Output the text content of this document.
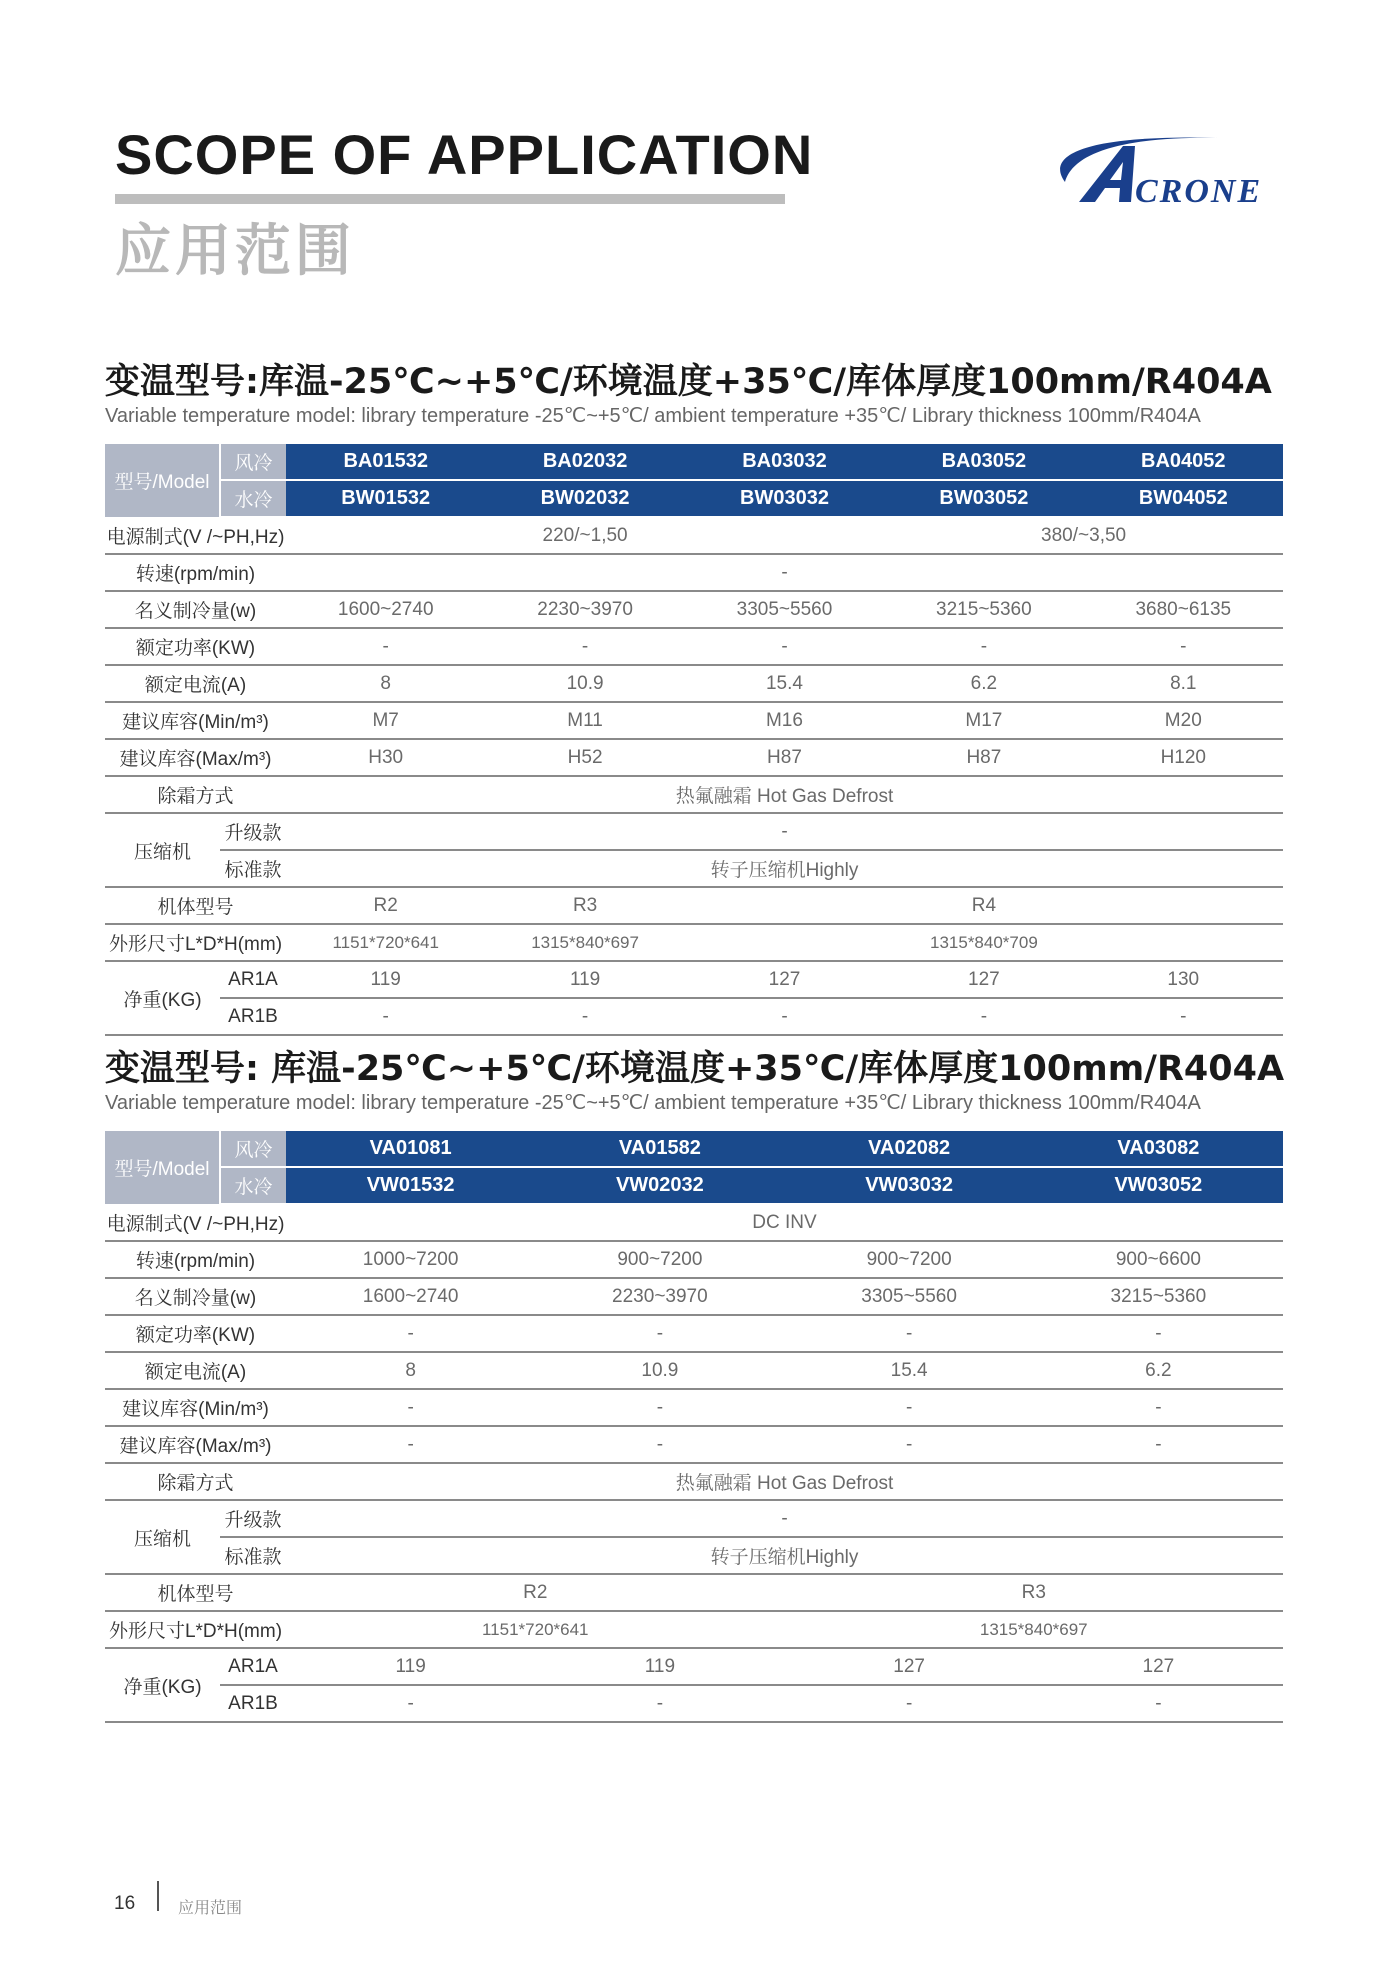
SCOPE OF APPLICATION
应用范围
CRONE
变温型号:库温-25℃~+5℃/环境温度+35℃/库体厚度100mm/R404A
Variable temperature model: library temperature -25℃~+5℃/ ambient temperature +35℃/ Library thickness 100mm/R404A
型号/Model	风冷	BA01532	BA02032	BA03032	BA03052	BA04052
	水冷	BW01532	BW02032	BW03032	BW03052	BW04052
电源制式(V /~PH,Hz)		220/~1,50			380/~3,50	
转速(rpm/min)		-				
名义制冷量(w)		1600~2740	2230~3970	3305~5560	3215~5360	3680~6135
额定功率(KW)		-	-	-	-	-
额定电流(A)		8	10.9	15.4	6.2	8.1
建议库容(Min/m³)		M7	M11	M16	M17	M20
建议库容(Max/m³)		H30	H52	H87	H87	H120
除霜方式		热氟融霜 Hot Gas Defrost				
压缩机	升级款	-				
	标准款	转子压缩机Highly				
机体型号		R2	R3	R4		
外形尺寸L*D*H(mm)		1151*720*641	1315*840*697	1315*840*709		
净重(KG)	AR1A	119	119	127	127	130
	AR1B	-	-	-	-	-
变温型号: 库温-25℃~+5℃/环境温度+35℃/库体厚度100mm/R404A
Variable temperature model: library temperature -25℃~+5℃/ ambient temperature +35℃/ Library thickness 100mm/R404A
型号/Model	风冷	VA01081	VA01582	VA02082	VA03082
	水冷	VW01532	VW02032	VW03032	VW03052
电源制式(V /~PH,Hz)		DC INV			
转速(rpm/min)		1000~7200	900~7200	900~7200	900~6600
名义制冷量(w)		1600~2740	2230~3970	3305~5560	3215~5360
额定功率(KW)		-	-	-	-
额定电流(A)		8	10.9	15.4	6.2
建议库容(Min/m³)		-	-	-	-
建议库容(Max/m³)		-	-	-	-
除霜方式		热氟融霜 Hot Gas Defrost			
压缩机	升级款	-			
	标准款	转子压缩机Highly			
机体型号		R2		R3	
外形尺寸L*D*H(mm)		1151*720*641		1315*840*697	
净重(KG)	AR1A	119	119	127	127
	AR1B	-	-	-	-
16	应用范围
